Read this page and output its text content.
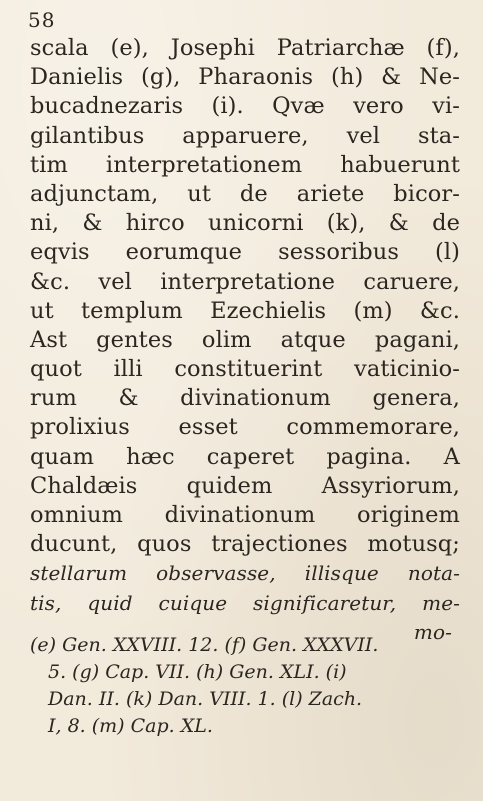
58
scala (e), Josephi Patriarchæ (f),
Danielis (g), Pharaonis (h) & Ne-
bucadnezaris (i). Qvæ vero vi-
gilantibus apparuere, vel sta-
tim interpretationem habuerunt
adjunctam, ut de ariete bicor-
ni, & hirco unicorni (k), & de
eqvis eorumque sessoribus (l)
&c. vel interpretatione caruere,
ut templum Ezechielis (m) &c.
Ast gentes olim atque pagani,
quot illi constituerint vaticinio-
rum & divinationum genera,
prolixius esset commemorare,
quam hæc caperet pagina. A
Chaldæis quidem Assyriorum,
omnium divinationum originem
ducunt, quos trajectiones motusq;
stellarum observasse, illisque nota-
tis, quid cuique significaretur, me-
mo-
(e) Gen. XXVIII. 12. (f) Gen. XXXVII.
5. (g) Cap. VII. (h) Gen. XLI. (i)
Dan. II. (k) Dan. VIII. 1. (l) Zach.
I, 8. (m) Cap. XL.
